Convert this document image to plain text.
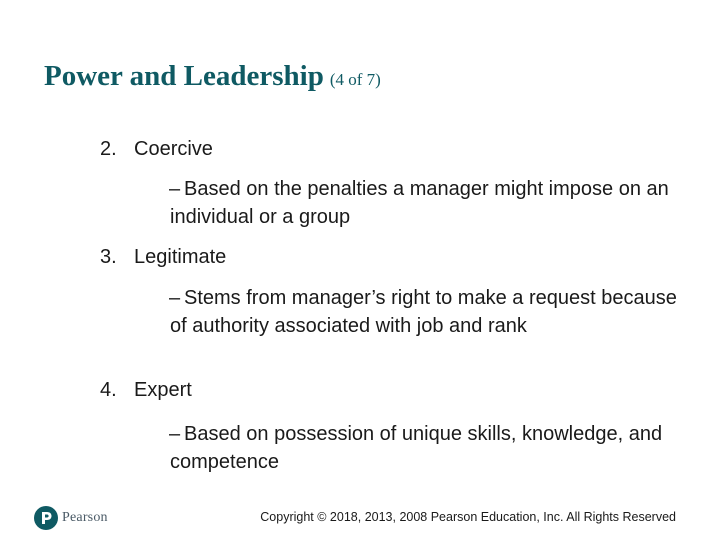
Power and Leadership (4 of 7)
2. Coercive
– Based on the penalties a manager might impose on an individual or a group
3. Legitimate
– Stems from manager’s right to make a request because of authority associated with job and rank
4. Expert
– Based on possession of unique skills, knowledge, and competence
Pearson	Copyright © 2018, 2013, 2008 Pearson Education, Inc. All Rights Reserved
